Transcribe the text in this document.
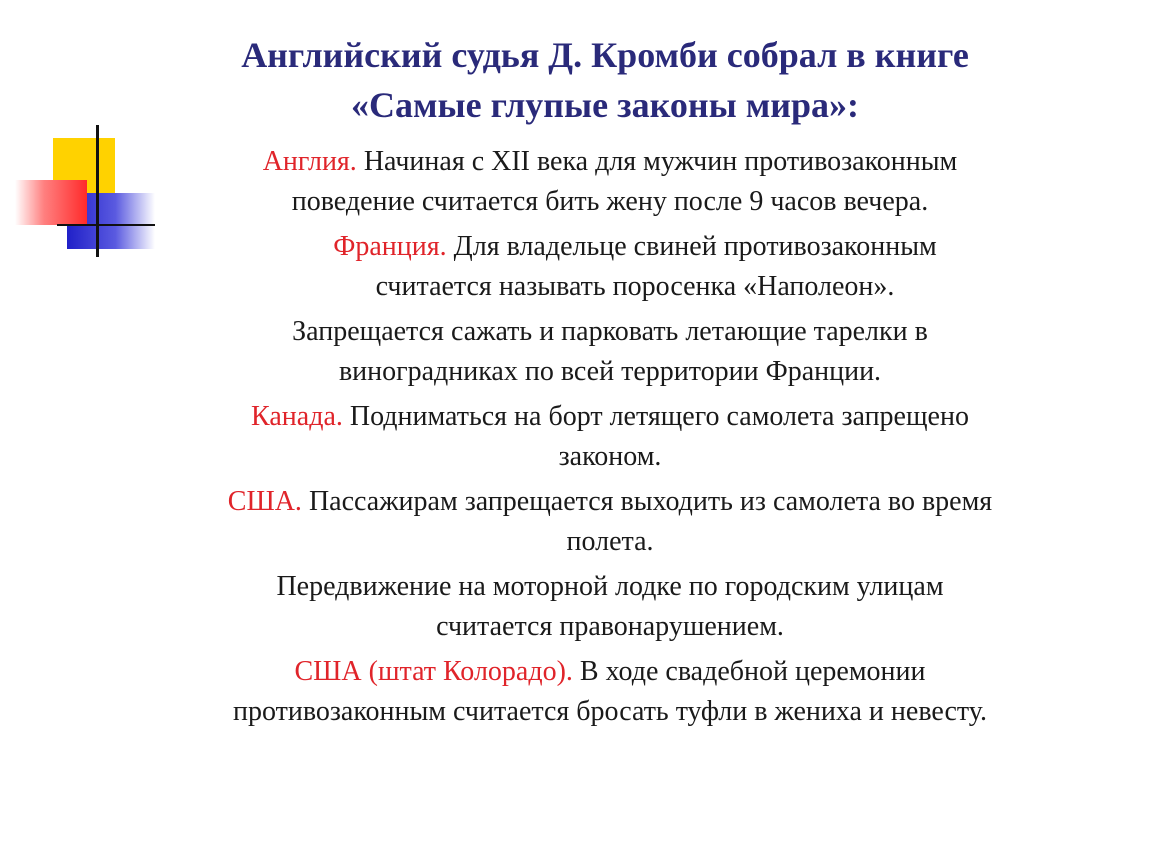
Английский судья Д. Кромби собрал в книге
«Самые глупые законы мира»:

Англия. Начиная с XII века для мужчин противозаконным
поведение считается бить жену после 9 часов вечера.

Франция. Для владельце свиней противозаконным
считается называть поросенка «Наполеон».

Запрещается сажать и парковать летающие тарелки в
виноградниках по всей территории Франции.

Канада. Подниматься на борт летящего самолета запрещено
законом.

США. Пассажирам запрещается выходить из самолета во время
полета.

Передвижение на моторной лодке по городским улицам
считается правонарушением.

США (штат Колорадо). В ходе свадебной церемонии
противозаконным считается бросать туфли в жениха и невесту.
